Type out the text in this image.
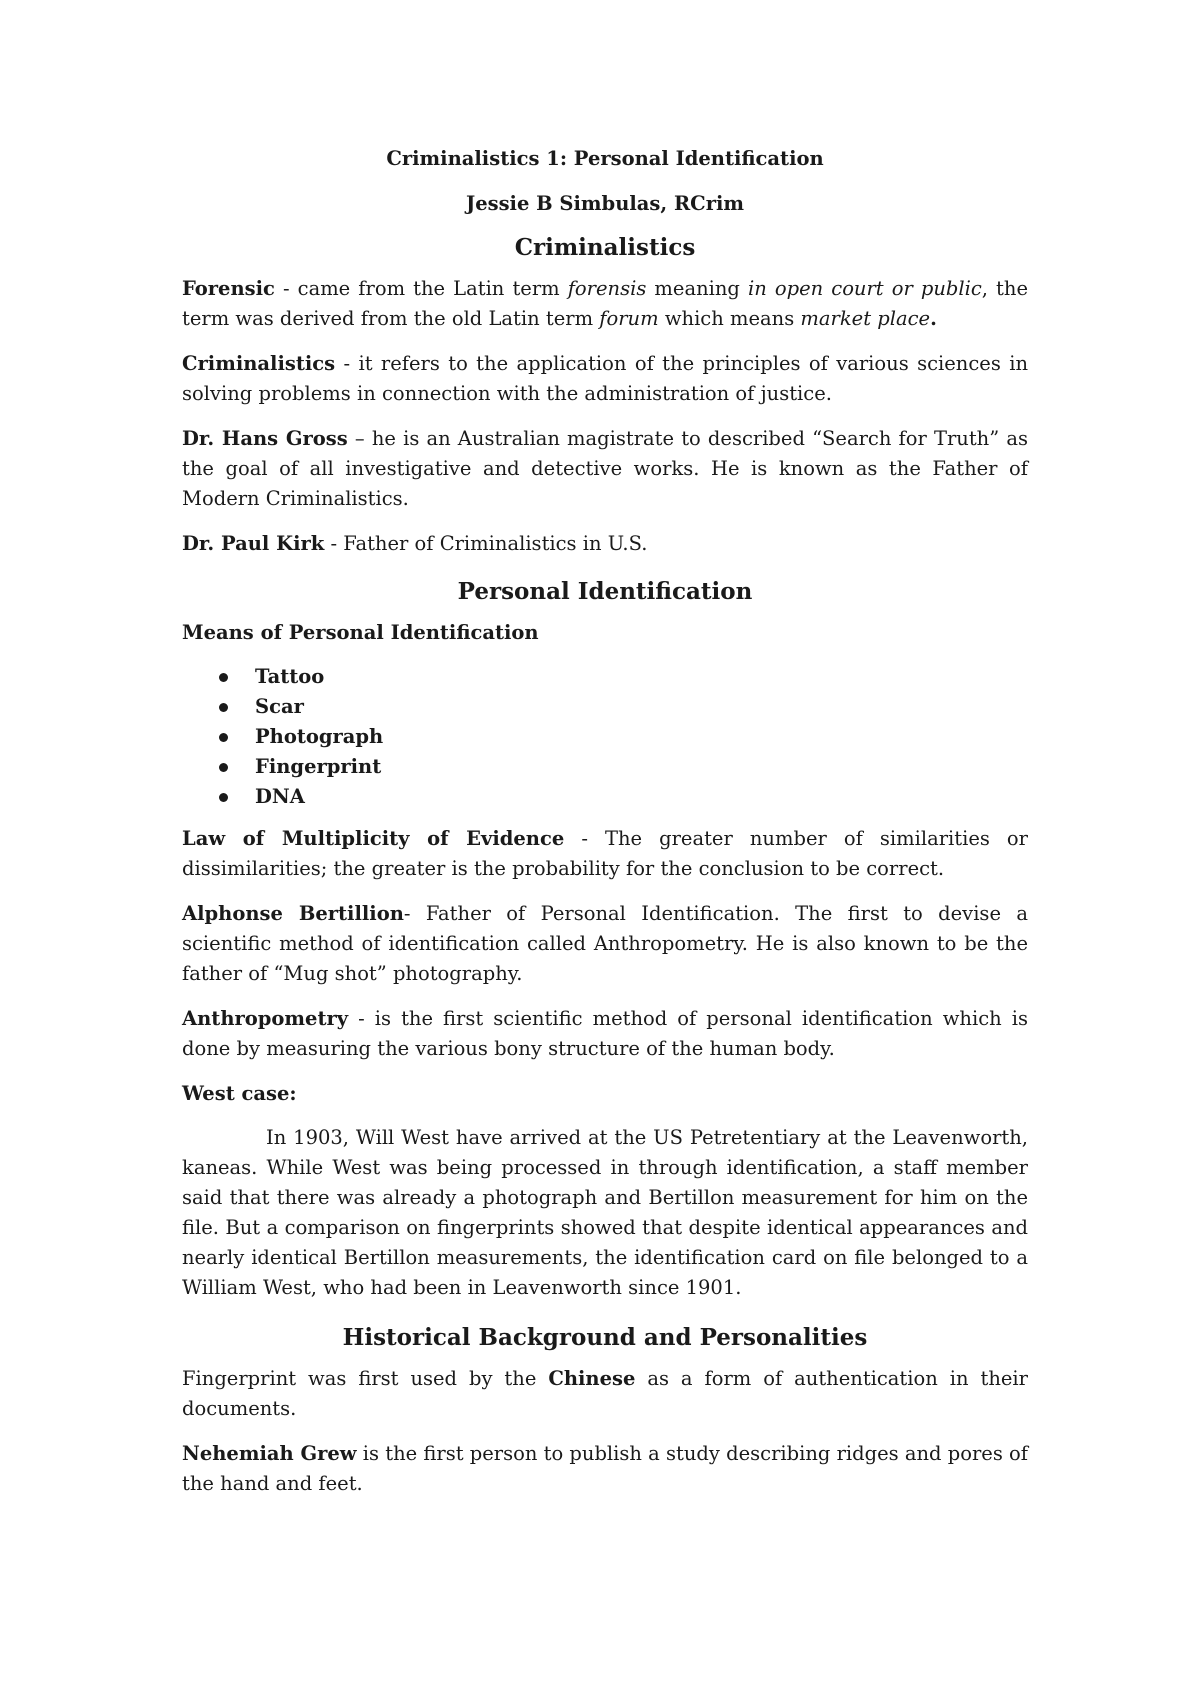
Criminalistics 1: Personal Identification
Jessie B Simbulas, RCrim
Criminalistics

Forensic - came from the Latin term forensis meaning in open court or public, the term was derived from the old Latin term forum which means market place.

Criminalistics - it refers to the application of the principles of various sciences in solving problems in connection with the administration of justice.

Dr. Hans Gross – he is an Australian magistrate to described “Search for Truth” as the goal of all investigative and detective works. He is known as the Father of Modern Criminalistics.

Dr. Paul Kirk - Father of Criminalistics in U.S.

Personal Identification
Means of Personal Identification
Tattoo
Scar
Photograph
Fingerprint
DNA

Law of Multiplicity of Evidence - The greater number of similarities or dissimilarities; the greater is the probability for the conclusion to be correct.

Alphonse Bertillion- Father of Personal Identification. The first to devise a scientific method of identification called Anthropometry. He is also known to be the father of “Mug shot” photography.

Anthropometry - is the first scientific method of personal identification which is done by measuring the various bony structure of the human body.

West case:

In 1903, Will West have arrived at the US Petretentiary at the Leavenworth, kaneas. While West was being processed in through identification, a staff member said that there was already a photograph and Bertillon measurement for him on the file. But a comparison on fingerprints showed that despite identical appearances and nearly identical Bertillon measurements, the identification card on file belonged to a William West, who had been in Leavenworth since 1901.

Historical Background and Personalities

Fingerprint was first used by the Chinese as a form of authentication in their documents.

Nehemiah Grew is the first person to publish a study describing ridges and pores of the hand and feet.
